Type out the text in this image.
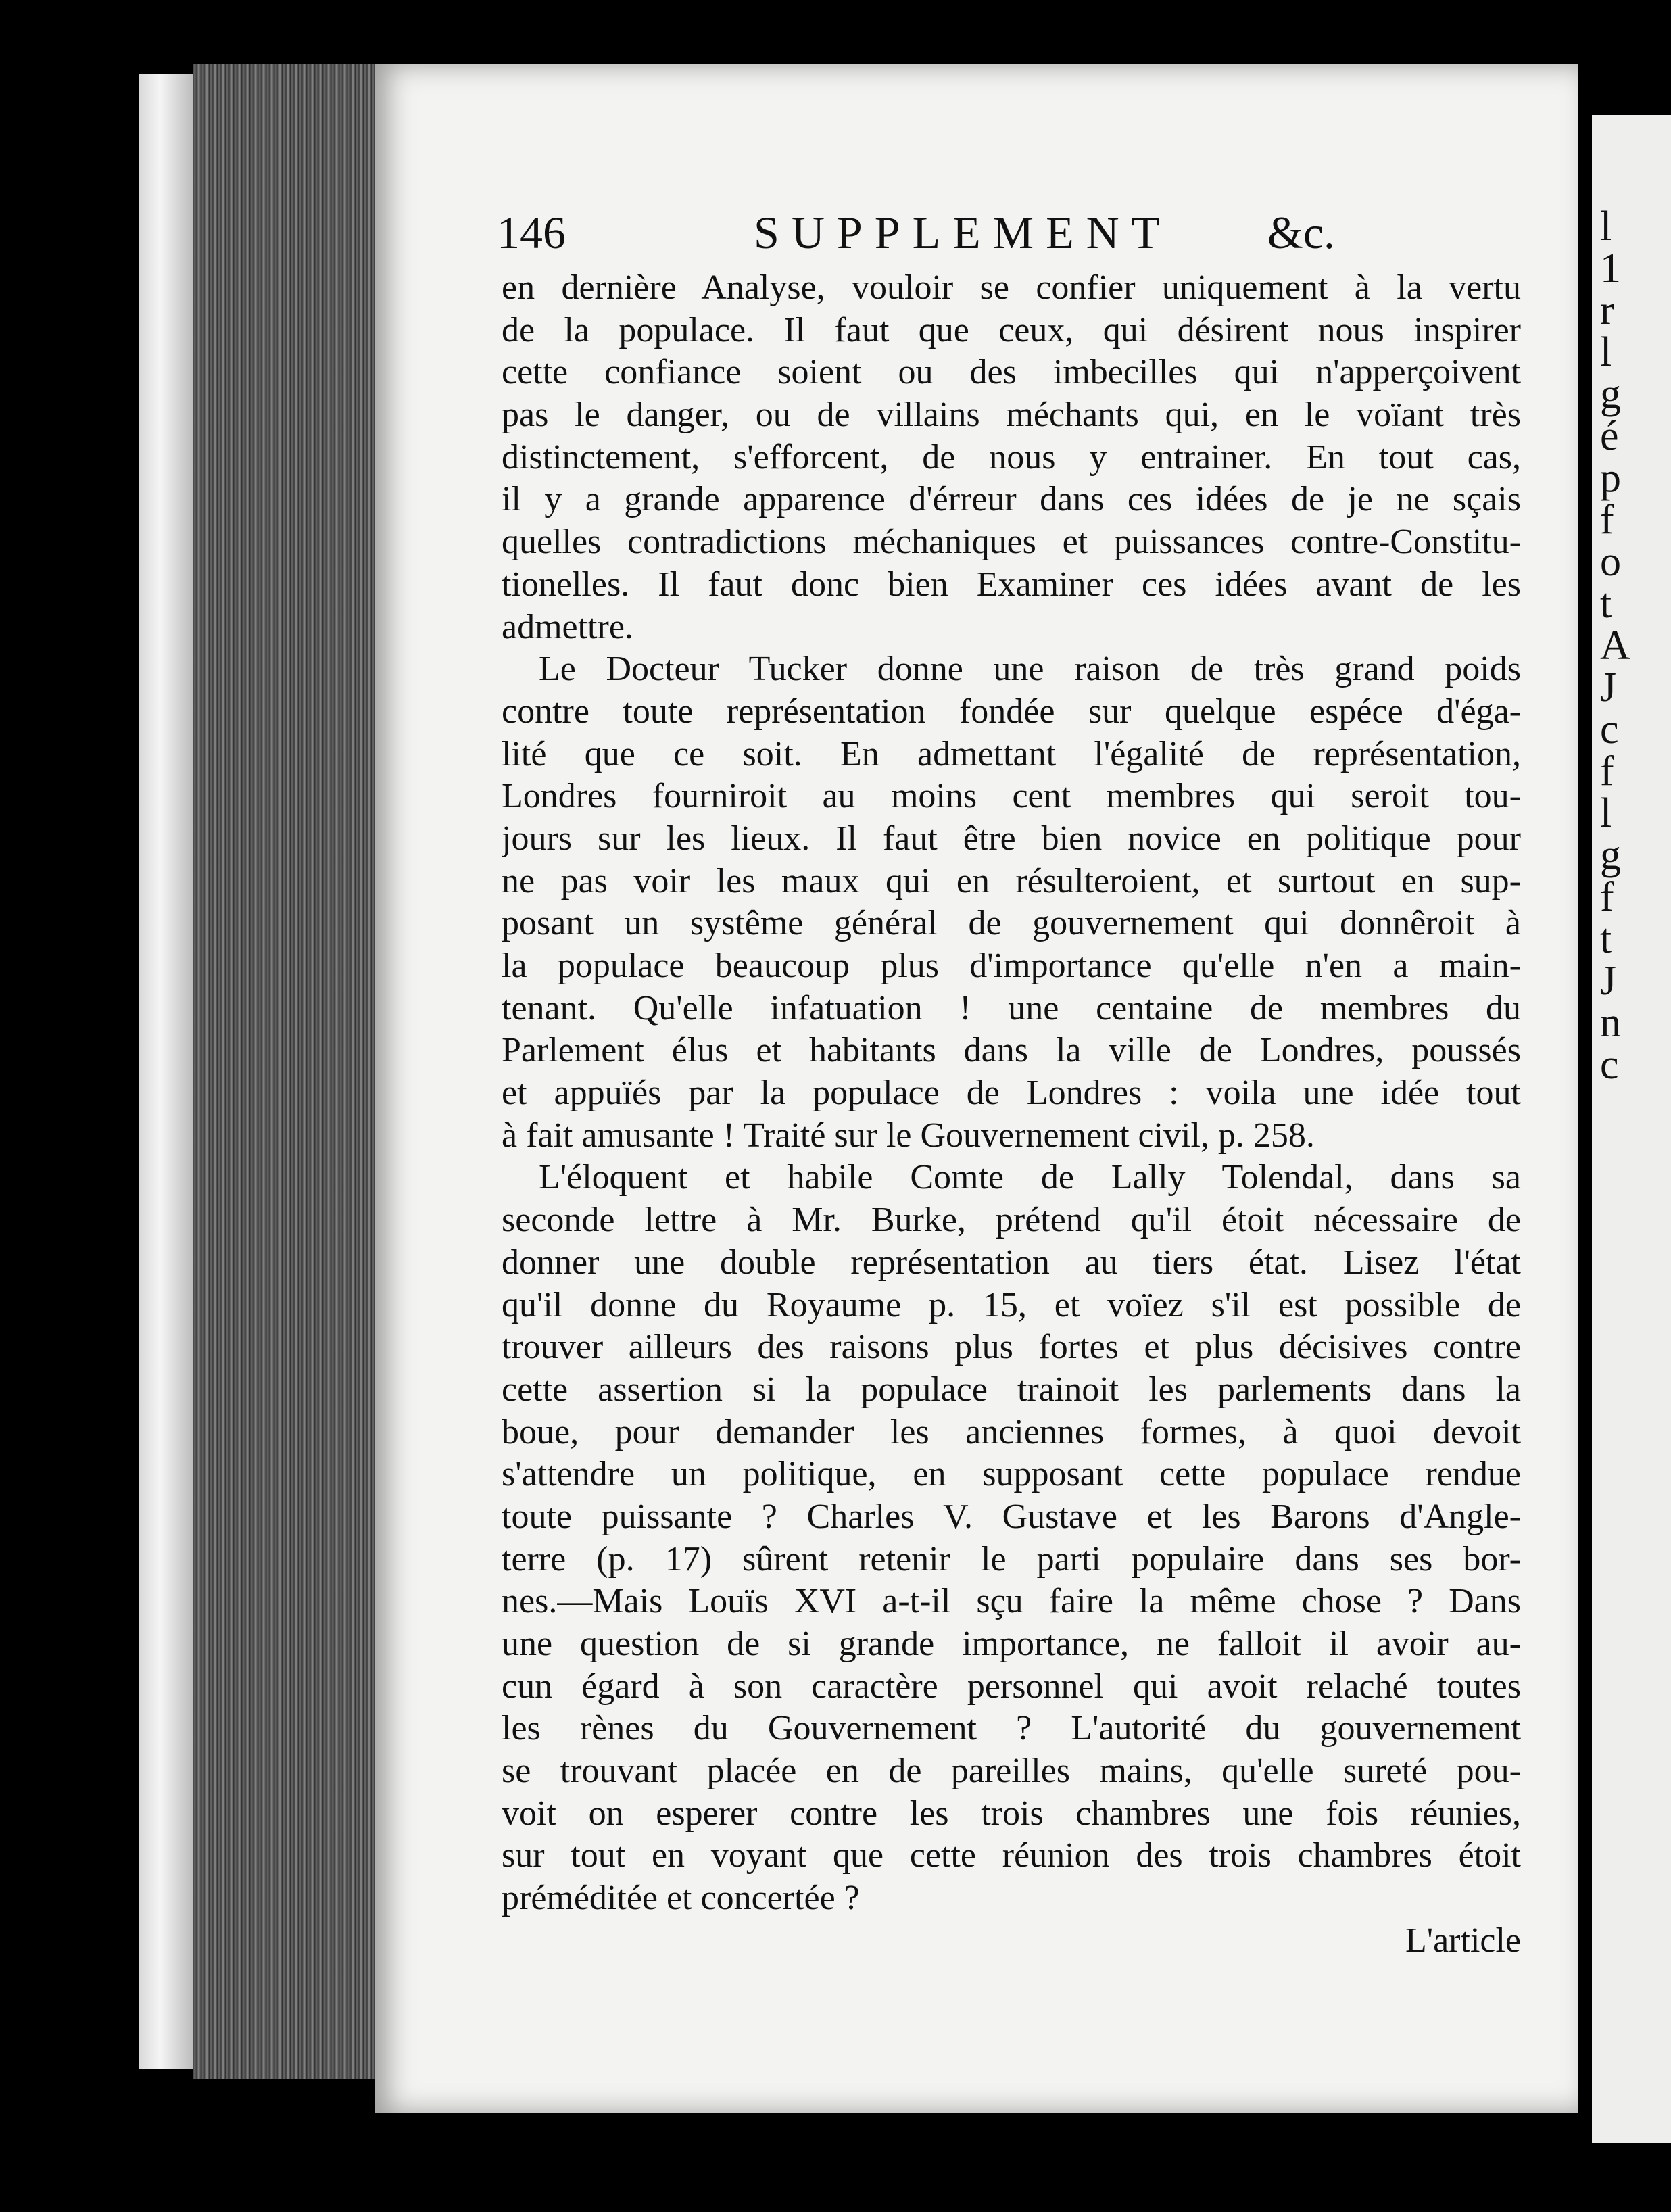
146	SUPPLEMENT &c.
en dernière Analyse, vouloir se confier uniquement à la vertu
de la populace. Il faut que ceux, qui désirent nous inspirer
cette confiance soient ou des imbecilles qui n'apperçoivent
pas le danger, ou de villains méchants qui, en le voïant très
distinctement, s'efforcent, de nous y entrainer. En tout cas,
il y a grande apparence d'érreur dans ces idées de je ne sçais
quelles contradictions méchaniques et puissances contre-Constitu-
tionelles. Il faut donc bien Examiner ces idées avant de les
admettre.
Le Docteur Tucker donne une raison de très grand poids
contre toute représentation fondée sur quelque espéce d'éga-
lité que ce soit. En admettant l'égalité de représentation,
Londres fourniroit au moins cent membres qui seroit tou-
jours sur les lieux. Il faut être bien novice en politique pour
ne pas voir les maux qui en résulteroient, et surtout en sup-
posant un systême général de gouvernement qui donnêroit à
la populace beaucoup plus d'importance qu'elle n'en a main-
tenant. Qu'elle infatuation ! une centaine de membres du
Parlement élus et habitants dans la ville de Londres, poussés
et appuïés par la populace de Londres : voila une idée tout
à fait amusante ! Traité sur le Gouvernement civil, p. 258.
L'éloquent et habile Comte de Lally Tolendal, dans sa
seconde lettre à Mr. Burke, prétend qu'il étoit nécessaire de
donner une double représentation au tiers état. Lisez l'état
qu'il donne du Royaume p. 15, et voïez s'il est possible de
trouver ailleurs des raisons plus fortes et plus décisives contre
cette assertion si la populace trainoit les parlements dans la
boue, pour demander les anciennes formes, à quoi devoit
s'attendre un politique, en supposant cette populace rendue
toute puissante ? Charles V. Gustave et les Barons d'Angle-
terre (p. 17) sûrent retenir le parti populaire dans ses bor-
nes.—Mais Louïs XVI a-t-il sçu faire la même chose ? Dans
une question de si grande importance, ne falloit il avoir au-
cun égard à son caractère personnel qui avoit relaché toutes
les rènes du Gouvernement ? L'autorité du gouvernement
se trouvant placée en de pareilles mains, qu'elle sureté pou-
voit on esperer contre les trois chambres une fois réunies,
sur tout en voyant que cette réunion des trois chambres étoit
préméditée et concertée ?
L'article
l
1
r
l
g
é
p
f
o
t
A
J
c
f
l
g
f
t
J
n
c
